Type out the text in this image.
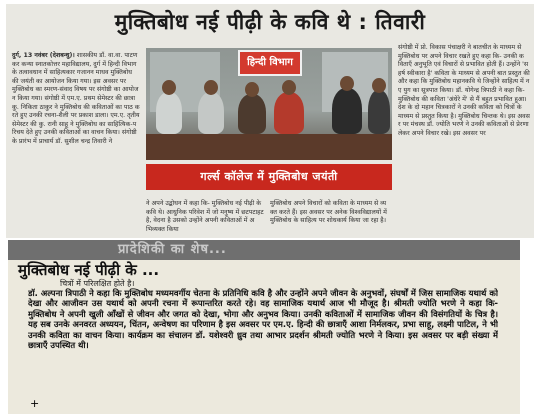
मुक्तिबोध नई पीढ़ी के कवि थे : तिवारी
दुर्ग, 13 नवंबर (देशबन्धु)। शासकीय डॉ. वा.वा. पाटणकर कन्या स्नातकोत्तर महाविद्यालय, दुर्ग में हिन्दी विभाग के तत्वावधान में साहित्यकार गजानन माधव मुक्तिबोध की जयंती का आयोजन किया गया। इस अवसर पर मुक्तिबोध का स्मरण-संवाद विषय पर संगोष्ठी का आयोजन किया गया। संगोष्ठी में एम.ए. प्रथम सेमेस्टर की छात्रा कु. निकिता ठाकुर ने मुक्तिबोध की कविताओं का पाठ करते हुए उनकी रचना-शैली पर प्रकाश डाला। एम.ए. तृतीय सेमेस्टर की कु. रानी साहू ने मुक्तिबोध का साहित्यिक-परिचय देते हुए उनकी कविताओं का वाचन किया। संगोष्ठी के प्रारंभ में प्राचार्य डॉ. सुशील चन्द्र तिवारी ने
हिन्दी विभाग
गर्ल्स कॉलेज में मुक्तिबोध जयंती
ने अपने उद्बोधन में कहा कि- मुक्तिबोध नई पीढ़ी के कवि थे। आधुनिक परिवेश में जो मनुष्य में छटपटाहट है, वेदना है उसको उन्होंने अपनी कविताओं में अभिव्यक्त किया
मुक्तिबोध अपने विचारों को कविता के माध्यम से व्यक्त करते हैं। इस अवसर पर अनेक विश्वविद्यालयों में मुक्तिबोध के साहित्य पर शोधकार्य किया जा रहा है।
संगोष्ठी में प्रो. विकास पंचाक्षरी ने बातचीत के माध्यम से मुक्तिबोध पर अपने विचार रखते हुए कहा कि- उनकी कविताएँ अनुभूति एवं विचारों से प्रभावित होती हैं। उन्होंने 'सहर्ष स्वीकारा है' कविता के माध्यम से अपनी बात प्रस्तुत की और कहा कि मुक्तिबोध महानकवि थे जिन्होंने साहित्य में नए युग का सूत्रपात किया। डॉ. योगेन्द्र त्रिपाठी ने कहा कि- मुक्तिबोध की कविता 'अंधेरे में' से मैं बहुत प्रभावित हुआ। देश के दो महान चित्रकारों ने उनकी कविता को चित्रों के माध्यम से प्रस्तुत किया है। मुक्तिबोध चिन्तक थे। इस अवसर पर मंचस्थ डॉ. ज्योति भरणे ने उनकी कविताओं से प्रेरणा लेकर अपने विचार रखे। इस अवसर पर
प्रादेशिकी का शेष...
मुक्तिबोध नई पीढ़ी के ...
चित्रों में परिलक्षित होते है।
डॉ. अल्पना त्रिपाठी ने कहा कि मुक्तिबोध मध्यमवर्गीय चेतना के प्रतिनिधि कवि है और उन्होंने अपने जीवन के अनुभवों, संघर्षों में जिस सामाजिक यथार्थ को देखा और आजीवन उस यथार्थ को अपनी रचना में रूपान्तरित करते रहे। वह सामाजिक यथार्थ आज भी मौजूद है। श्रीमती ज्योति भरणे ने कहा कि- मुक्तिबोध ने अपनी खुली आँखों से जीवन और जगत को देखा, भोगा और अनुभव किया। उनकी कविताओं में सामाजिक जीवन की विसंगतियों के चित्र है। यह सब उनके अनवरत अध्ययन, चिंतन, अन्वेषण का परिणाम है इस अवसर पर एम.ए. हिन्दी की छात्राएँ आशा निर्मलकर, प्रभा साहू, लक्ष्मी पाटिल, ने भी उनकी कविता का वाचन किया। कार्यक्रम का संचालन डॉ. यशेश्वरी ध्रुव तथा आभार प्रदर्शन श्रीमती ज्योति भरणे ने किया। इस अवसर पर बड़ी संख्या में छात्राएँ उपस्थित थी।
+
